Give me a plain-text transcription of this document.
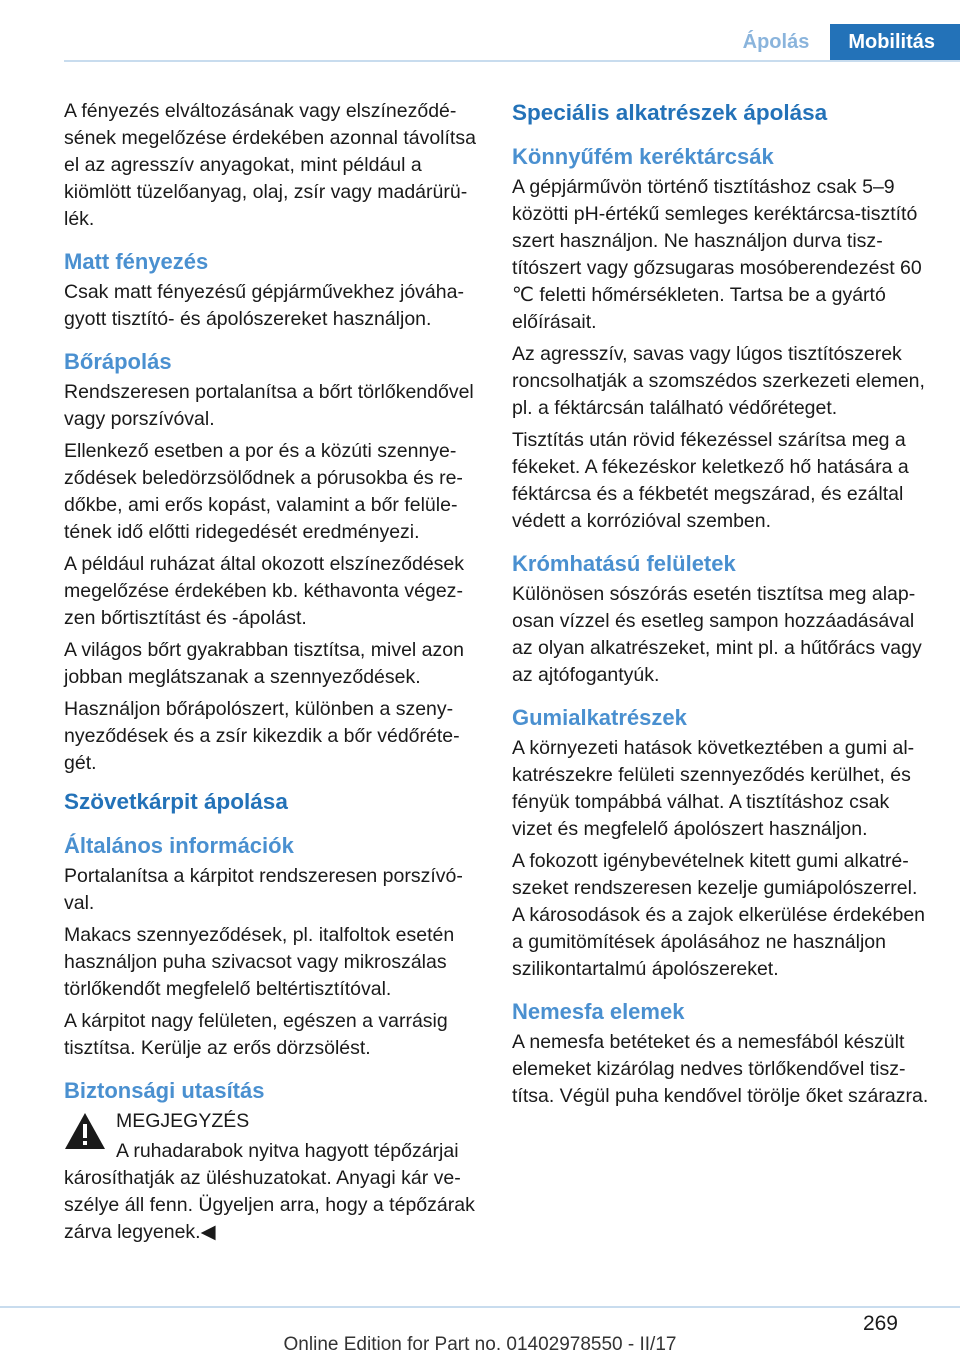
Ápolás	Mobilitás

A fényezés elváltozásának vagy elszíneződésének megelőzése érdekében azonnal távolítsa el az agresszív anyagokat, mint például a kiömlött tüzelőanyag, olaj, zsír vagy madárürülék.

Matt fényezés

Csak matt fényezésű gépjárművekhez jóváhagyott tisztító- és ápolószereket használjon.

Bőrápolás

Rendszeresen portalanítsa a bőrt törlőkendővel vagy porszívóval.

Ellenkező esetben a por és a közúti szennyeződések beledörzsölődnek a pórusokba és redőkbe, ami erős kopást, valamint a bőr felületének idő előtti ridegedését eredményezi.

A például ruházat által okozott elszíneződések megelőzése érdekében kb. kéthavonta végezzen bőrtisztítást és -ápolást.

A világos bőrt gyakrabban tisztítsa, mivel azon jobban meglátszanak a szennyeződések.

Használjon bőrápolószert, különben a szenynyeződések és a zsír kikezdik a bőr védőrétegét.

Szövetkárpit ápolása
Általános információk

Portalanítsa a kárpitot rendszeresen porszívóval.

Makacs szennyeződések, pl. italfoltok esetén használjon puha szivacsot vagy mikroszálas törlőkendőt megfelelő beltértisztítóval.

A kárpitot nagy felületen, egészen a varrásig tisztítsa. Kerülje az erős dörzsölést.

Biztonsági utasítás
MEGJEGYZÉS
A ruhadarabok nyitva hagyott tépőzárjai károsíthatják az üléshuzatokat. Anyagi kár veszélye áll fenn. Ügyeljen arra, hogy a tépőzárak zárva legyenek.◀
Speciális alkatrészek ápolása
Könnyűfém keréktárcsák

A gépjárművön történő tisztításhoz csak 5–9 közötti pH-értékű semleges keréktárcsa-tisztító szert használjon. Ne használjon durva tisztítószert vagy gőzsugaras mosóberendezést 60 ℃ feletti hőmérsékleten. Tartsa be a gyártó előírásait.

Az agresszív, savas vagy lúgos tisztítószerek roncsolhatják a szomszédos szerkezeti elemen, pl. a féktárcsán található védőréteget.

Tisztítás után rövid fékezéssel szárítsa meg a fékeket. A fékezéskor keletkező hő hatására a féktárcsa és a fékbetét megszárad, és ezáltal védett a korrózióval szemben.

Krómhatású felületek

Különösen sószórás esetén tisztítsa meg alaposan vízzel és esetleg sampon hozzáadásával az olyan alkatrészeket, mint pl. a hűtőrács vagy az ajtófogantyúk.

Gumialkatrészek

A környezeti hatások következtében a gumi alkatrészekre felületi szennyeződés kerülhet, és fényük tompábbá válhat. A tisztításhoz csak vizet és megfelelő ápolószert használjon.

A fokozott igénybevételnek kitett gumi alkatrészeket rendszeresen kezelje gumiápolószerrel. A károsodások és a zajok elkerülése érdekében a gumitömítések ápolásához ne használjon szilikontartalmú ápolószereket.

Nemesfa elemek

A nemesfa betéteket és a nemesfából készült elemeket kizárólag nedves törlőkendővel tisztítsa. Végül puha kendővel törölje őket szárazra.

269
Online Edition for Part no. 01402978550 - II/17
